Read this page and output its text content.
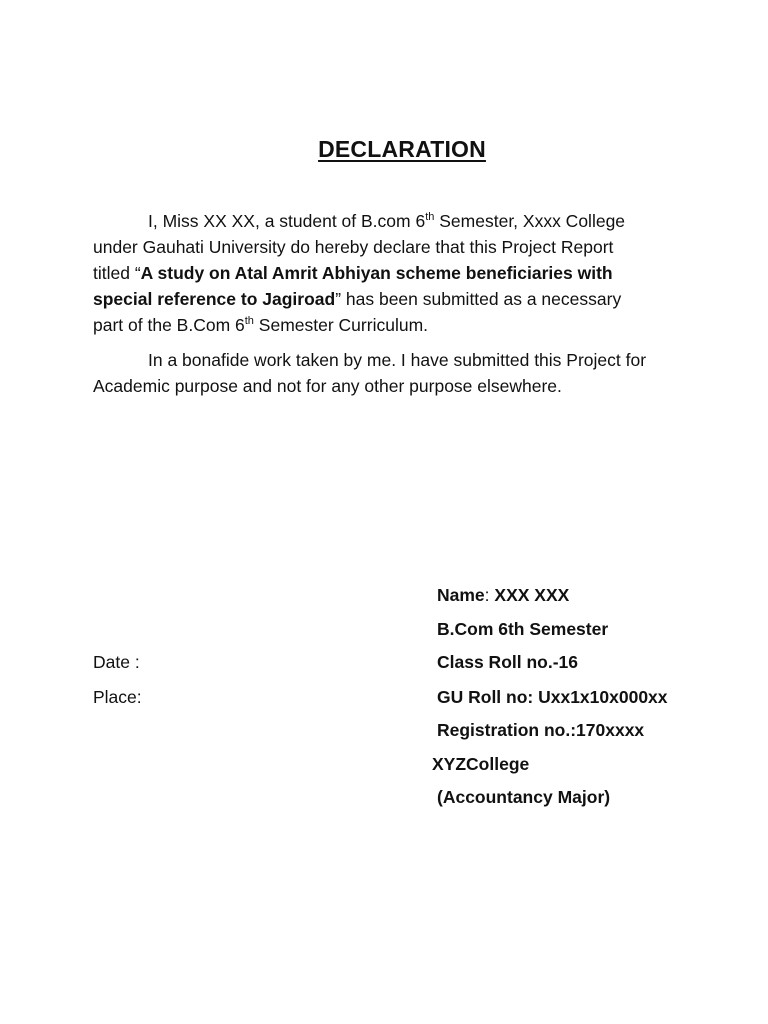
DECLARATION
I, Miss XX XX, a student of B.com 6th Semester, Xxxx College under Gauhati University do hereby declare that this Project Report titled “A study on Atal Amrit Abhiyan scheme beneficiaries with special reference to Jagiroad” has been submitted as a necessary part of the B.Com 6th Semester Curriculum.
In a bonafide work taken by me. I have submitted this Project for Academic purpose and not for any other purpose elsewhere.
Name: XXX XXX
B.Com 6th Semester
Date :	Class Roll no.-16
Place:	GU Roll no: Uxx1x10x000xx
Registration no.:170xxxx
XYZCollege
(Accountancy Major)
